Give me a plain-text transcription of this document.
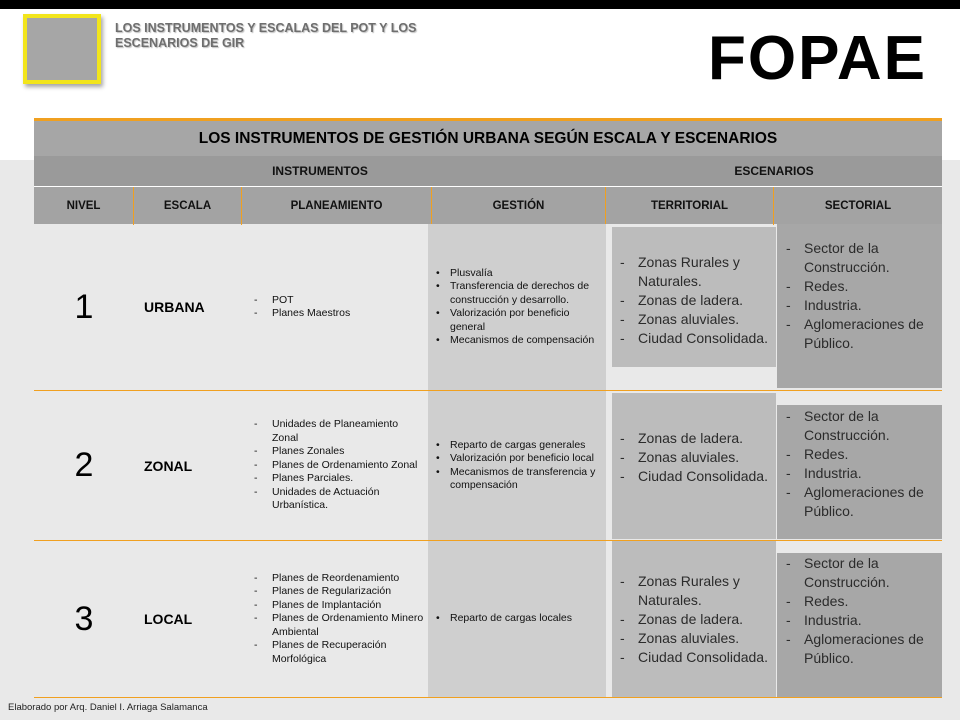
LOS INSTRUMENTOS Y ESCALAS DEL POT Y LOS ESCENARIOS DE GIR	FOPAE
LOS INSTRUMENTOS DE GESTIÓN URBANA SEGÚN ESCALA Y ESCENARIOS
INSTRUMENTOS	ESCENARIOS
NIVEL	ESCALA	PLANEAMIENTO	GESTIÓN	TERRITORIAL	SECTORIAL
1	URBANA
-	POT
- Planes Maestros
• Plusvalía
• Transferencia de derechos de construcción y desarrollo.
• Valorización por beneficio general
• Mecanismos de compensación
- Zonas Rurales y Naturales.
- Zonas de ladera.
- Zonas aluviales.
- Ciudad Consolidada.
- Sector de la Construcción.
- Redes.
- Industria.
- Aglomeraciones de Público.
2	ZONAL
- Unidades de Planeamiento Zonal
- Planes Zonales
- Planes de Ordenamiento Zonal
- Planes Parciales.
- Unidades de Actuación Urbanística.
• Reparto de cargas generales
• Valorización por beneficio local
• Mecanismos de transferencia y compensación
- Zonas de ladera.
- Zonas aluviales.
- Ciudad Consolidada.
- Sector de la Construcción.
- Redes.
- Industria.
- Aglomeraciones de Público.
3	LOCAL
- Planes de Reordenamiento
- Planes de Regularización
- Planes de Implantación
- Planes de Ordenamiento Minero Ambiental
- Planes de Recuperación Morfológica
• Reparto de cargas locales
- Zonas Rurales y Naturales.
- Zonas de ladera.
- Zonas aluviales.
- Ciudad Consolidada.
- Sector de la Construcción.
- Redes.
- Industria.
- Aglomeraciones de Público.
Elaborado por Arq. Daniel I. Arriaga Salamanca
